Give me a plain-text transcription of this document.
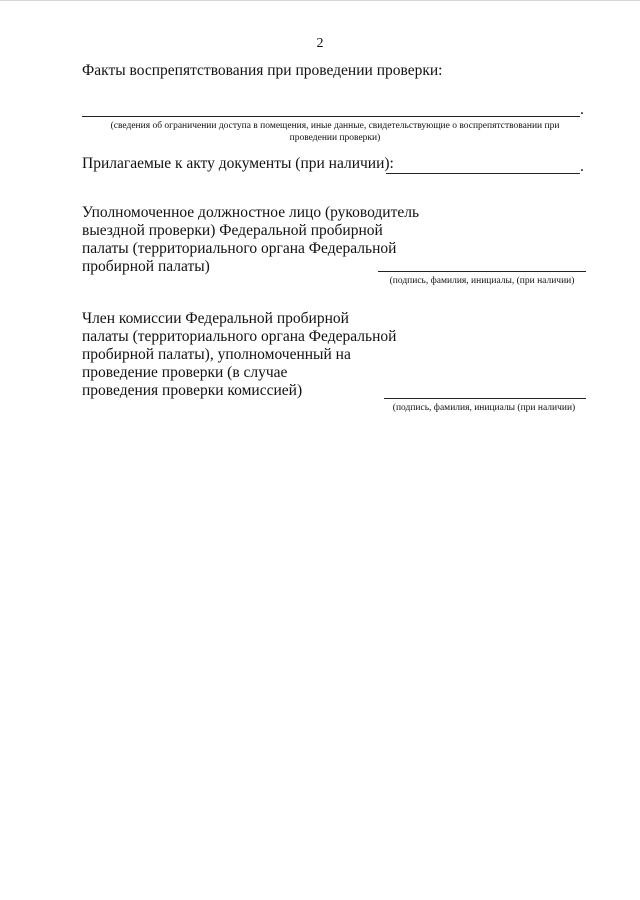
2
Факты воспрепятствования при проведении проверки:
.
(сведения об ограничении доступа в помещения, иные данные, свидетельствующие о воспрепятствовании при
проведении проверки)
Прилагаемые к акту документы (при наличии):	.
Уполномоченное должностное лицо (руководитель
выездной проверки) Федеральной пробирной
палаты (территориального органа Федеральной
пробирной палаты)
(подпись, фамилия, инициалы, (при наличии)
Член комиссии Федеральной пробирной
палаты (территориального органа Федеральной
пробирной палаты), уполномоченный на
проведение проверки (в случае
проведения проверки комиссией)
(подпись, фамилия, инициалы (при наличии)
